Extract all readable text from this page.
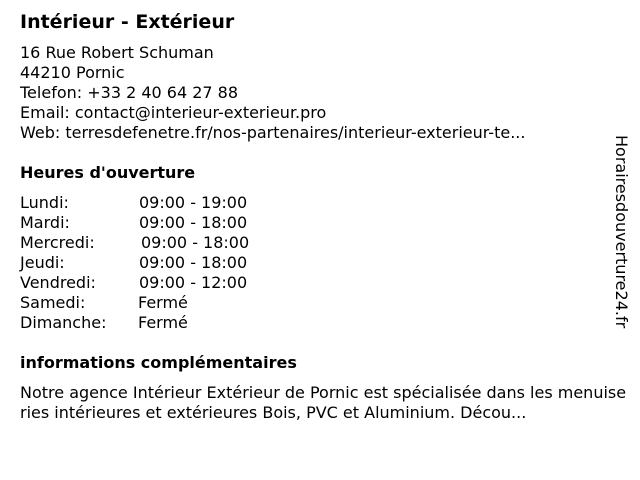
Intérieur - Extérieur
16 Rue Robert Schuman
44210 Pornic
Telefon: +33 2 40 64 27 88
Email: contact@interieur-exterieur.pro
Web: terresdefenetre.fr/nos-partenaires/interieur-exterieur-te...
Heures d'ouverture
Lundi:	09:00 - 19:00
Mardi:	09:00 - 18:00
Mercredi:	09:00 - 18:00
Jeudi:	09:00 - 18:00
Vendredi:	09:00 - 12:00
Samedi:	Fermé
Dimanche: Fermé
informations complémentaires
Notre agence Intérieur Extérieur de Pornic est spécialisée dans les menuiseries intérieures et extérieures Bois, PVC et Aluminium. Décou...
Horairesdouverture24.fr
